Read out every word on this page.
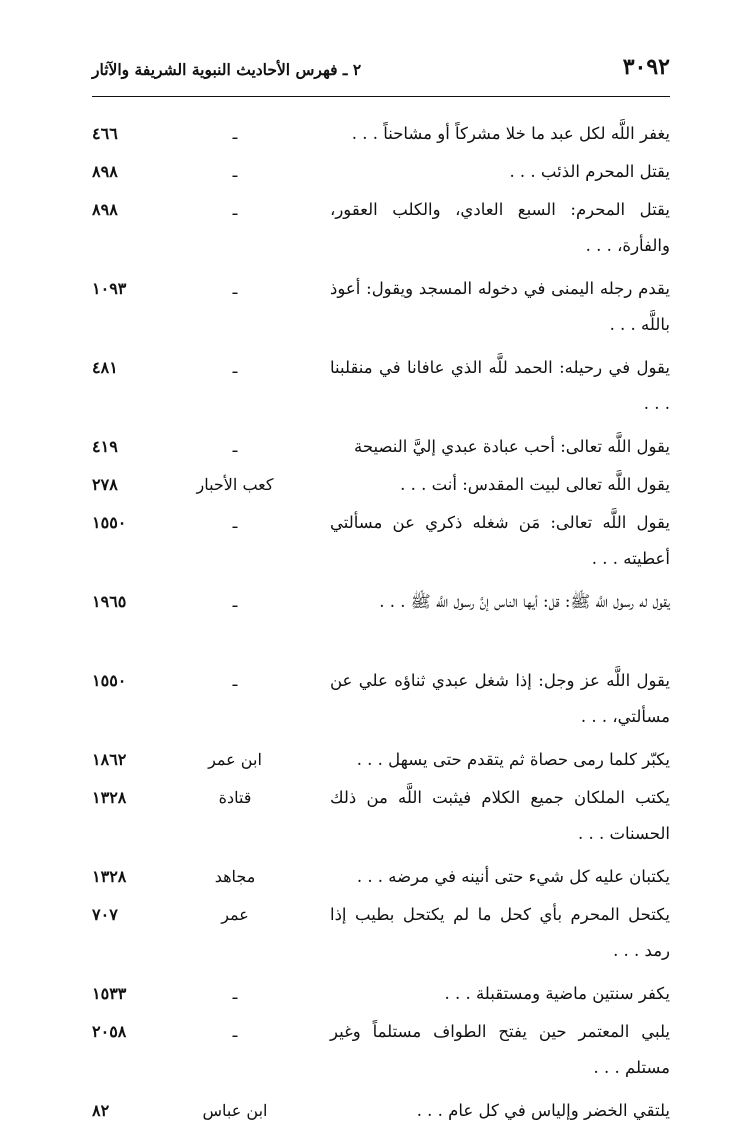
٣٠٩٢
٢ ـ فهرس الأحاديث النبوية الشريفة والآثار
يغفر اللَّه لكل عبد ما خلا مشركاً أو مشاحناً . . .
ـ
٤٦٦
يقتل المحرم الذئب . . .
ـ
٨٩٨
يقتل المحرم: السبع العادي، والكلب العقور، والفأرة، . . .
ـ
٨٩٨
يقدم رجله اليمنى في دخوله المسجد ويقول: أعوذ باللَّه . . .
ـ
١٠٩٣
يقول في رحيله: الحمد للَّه الذي عافانا في منقلبنا . . .
ـ
٤٨١
يقول اللَّه تعالى: أحب عبادة عبدي إليَّ النصيحة
ـ
٤١٩
يقول اللَّه تعالى لبيت المقدس: أنت . . .
كعب الأحبار
٢٧٨
يقول اللَّه تعالى: مَن شغله ذكري عن مسألتي أعطيته . . .
ـ
١٥٥٠
يقول له رسول اللَّه ﷺ: قل: أيها الناس إنَّ رسول اللَّه ﷺ . . .
ـ
١٩٦٥
يقول اللَّه عز وجل: إذا شغل عبدي ثناؤه علي عن مسألتي، . . .
ـ
١٥٥٠
يكبّر كلما رمى حصاة ثم يتقدم حتى يسهل . . .
ابن عمر
١٨٦٢
يكتب الملكان جميع الكلام فيثبت اللَّه من ذلك الحسنات . . .
قتادة
١٣٢٨
يكتبان عليه كل شيء حتى أنينه في مرضه . . .
مجاهد
١٣٢٨
يكتحل المحرم بأي كحل ما لم يكتحل بطيب إذا رمد . . .
عمر
٧٠٧
يكفر سنتين ماضية ومستقبلة . . .
ـ
١٥٣٣
يلبي المعتمر حين يفتح الطواف مستلماً وغير مستلم . . .
ـ
٢٠٥٨
يلتقي الخضر وإلياس في كل عام . . .
ابن عباس
٨٢
